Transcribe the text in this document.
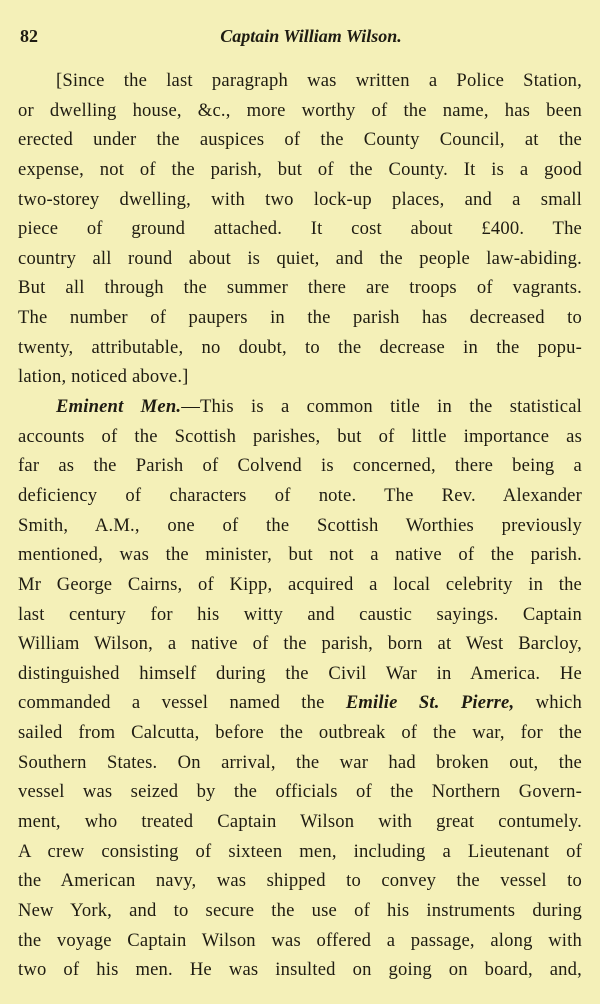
82	Captain William Wilson.
[Since the last paragraph was written a Police Station,
or dwelling house, &c., more worthy of the name, has been
erected under the auspices of the County Council, at the
expense, not of the parish, but of the County. It is a good
two-storey dwelling, with two lock-up places, and a small
piece of ground attached. It cost about £400. The
country all round about is quiet, and the people law-abiding.
But all through the summer there are troops of vagrants.
The number of paupers in the parish has decreased to
twenty, attributable, no doubt, to the decrease in the popu-
lation, noticed above.]
Eminent Men.—This is a common title in the statistical
accounts of the Scottish parishes, but of little importance as
far as the Parish of Colvend is concerned, there being a
deficiency of characters of note. The Rev. Alexander
Smith, A.M., one of the Scottish Worthies previously
mentioned, was the minister, but not a native of the parish.
Mr George Cairns, of Kipp, acquired a local celebrity in the
last century for his witty and caustic sayings. Captain
William Wilson, a native of the parish, born at West Barcloy,
distinguished himself during the Civil War in America. He
commanded a vessel named the Emilie St. Pierre, which
sailed from Calcutta, before the outbreak of the war, for the
Southern States. On arrival, the war had broken out, the
vessel was seized by the officials of the Northern Govern-
ment, who treated Captain Wilson with great contumely.
A crew consisting of sixteen men, including a Lieutenant of
the American navy, was shipped to convey the vessel to
New York, and to secure the use of his instruments during
the voyage Captain Wilson was offered a passage, along with
two of his men. He was insulted on going on board, and,
